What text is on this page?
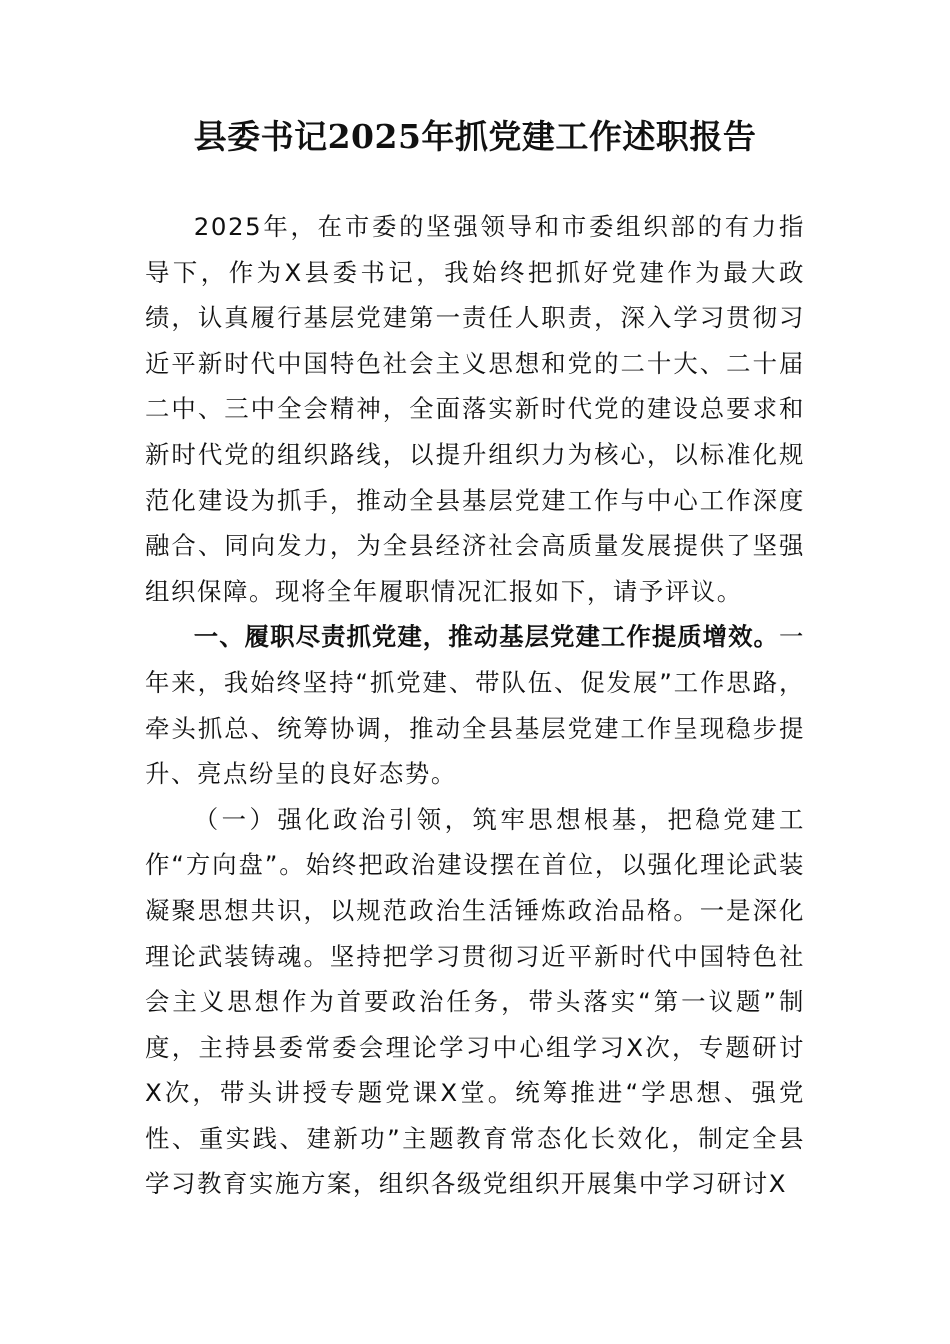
县委书记2025年抓党建工作述职报告

2025年，在市委的坚强领导和市委组织部的有力指导下，作为X县委书记，我始终把抓好党建作为最大政绩，认真履行基层党建第一责任人职责，深入学习贯彻习近平新时代中国特色社会主义思想和党的二十大、二十届二中、三中全会精神，全面落实新时代党的建设总要求和新时代党的组织路线，以提升组织力为核心，以标准化规范化建设为抓手，推动全县基层党建工作与中心工作深度融合、同向发力，为全县经济社会高质量发展提供了坚强组织保障。现将全年履职情况汇报如下，请予评议。

一、履职尽责抓党建，推动基层党建工作提质增效。一年来，我始终坚持“抓党建、带队伍、促发展”工作思路，牵头抓总、统筹协调，推动全县基层党建工作呈现稳步提升、亮点纷呈的良好态势。

（一）强化政治引领，筑牢思想根基，把稳党建工作“方向盘”。始终把政治建设摆在首位，以强化理论武装凝聚思想共识，以规范政治生活锤炼政治品格。一是深化理论武装铸魂。坚持把学习贯彻习近平新时代中国特色社会主义思想作为首要政治任务，带头落实“第一议题”制度，主持县委常委会理论学习中心组学习X次，专题研讨X次，带头讲授专题党课X堂。统筹推进“学思想、强党性、重实践、建新功”主题教育常态化长效化，制定全县学习教育实施方案，组织各级党组织开展集中学习研讨X
